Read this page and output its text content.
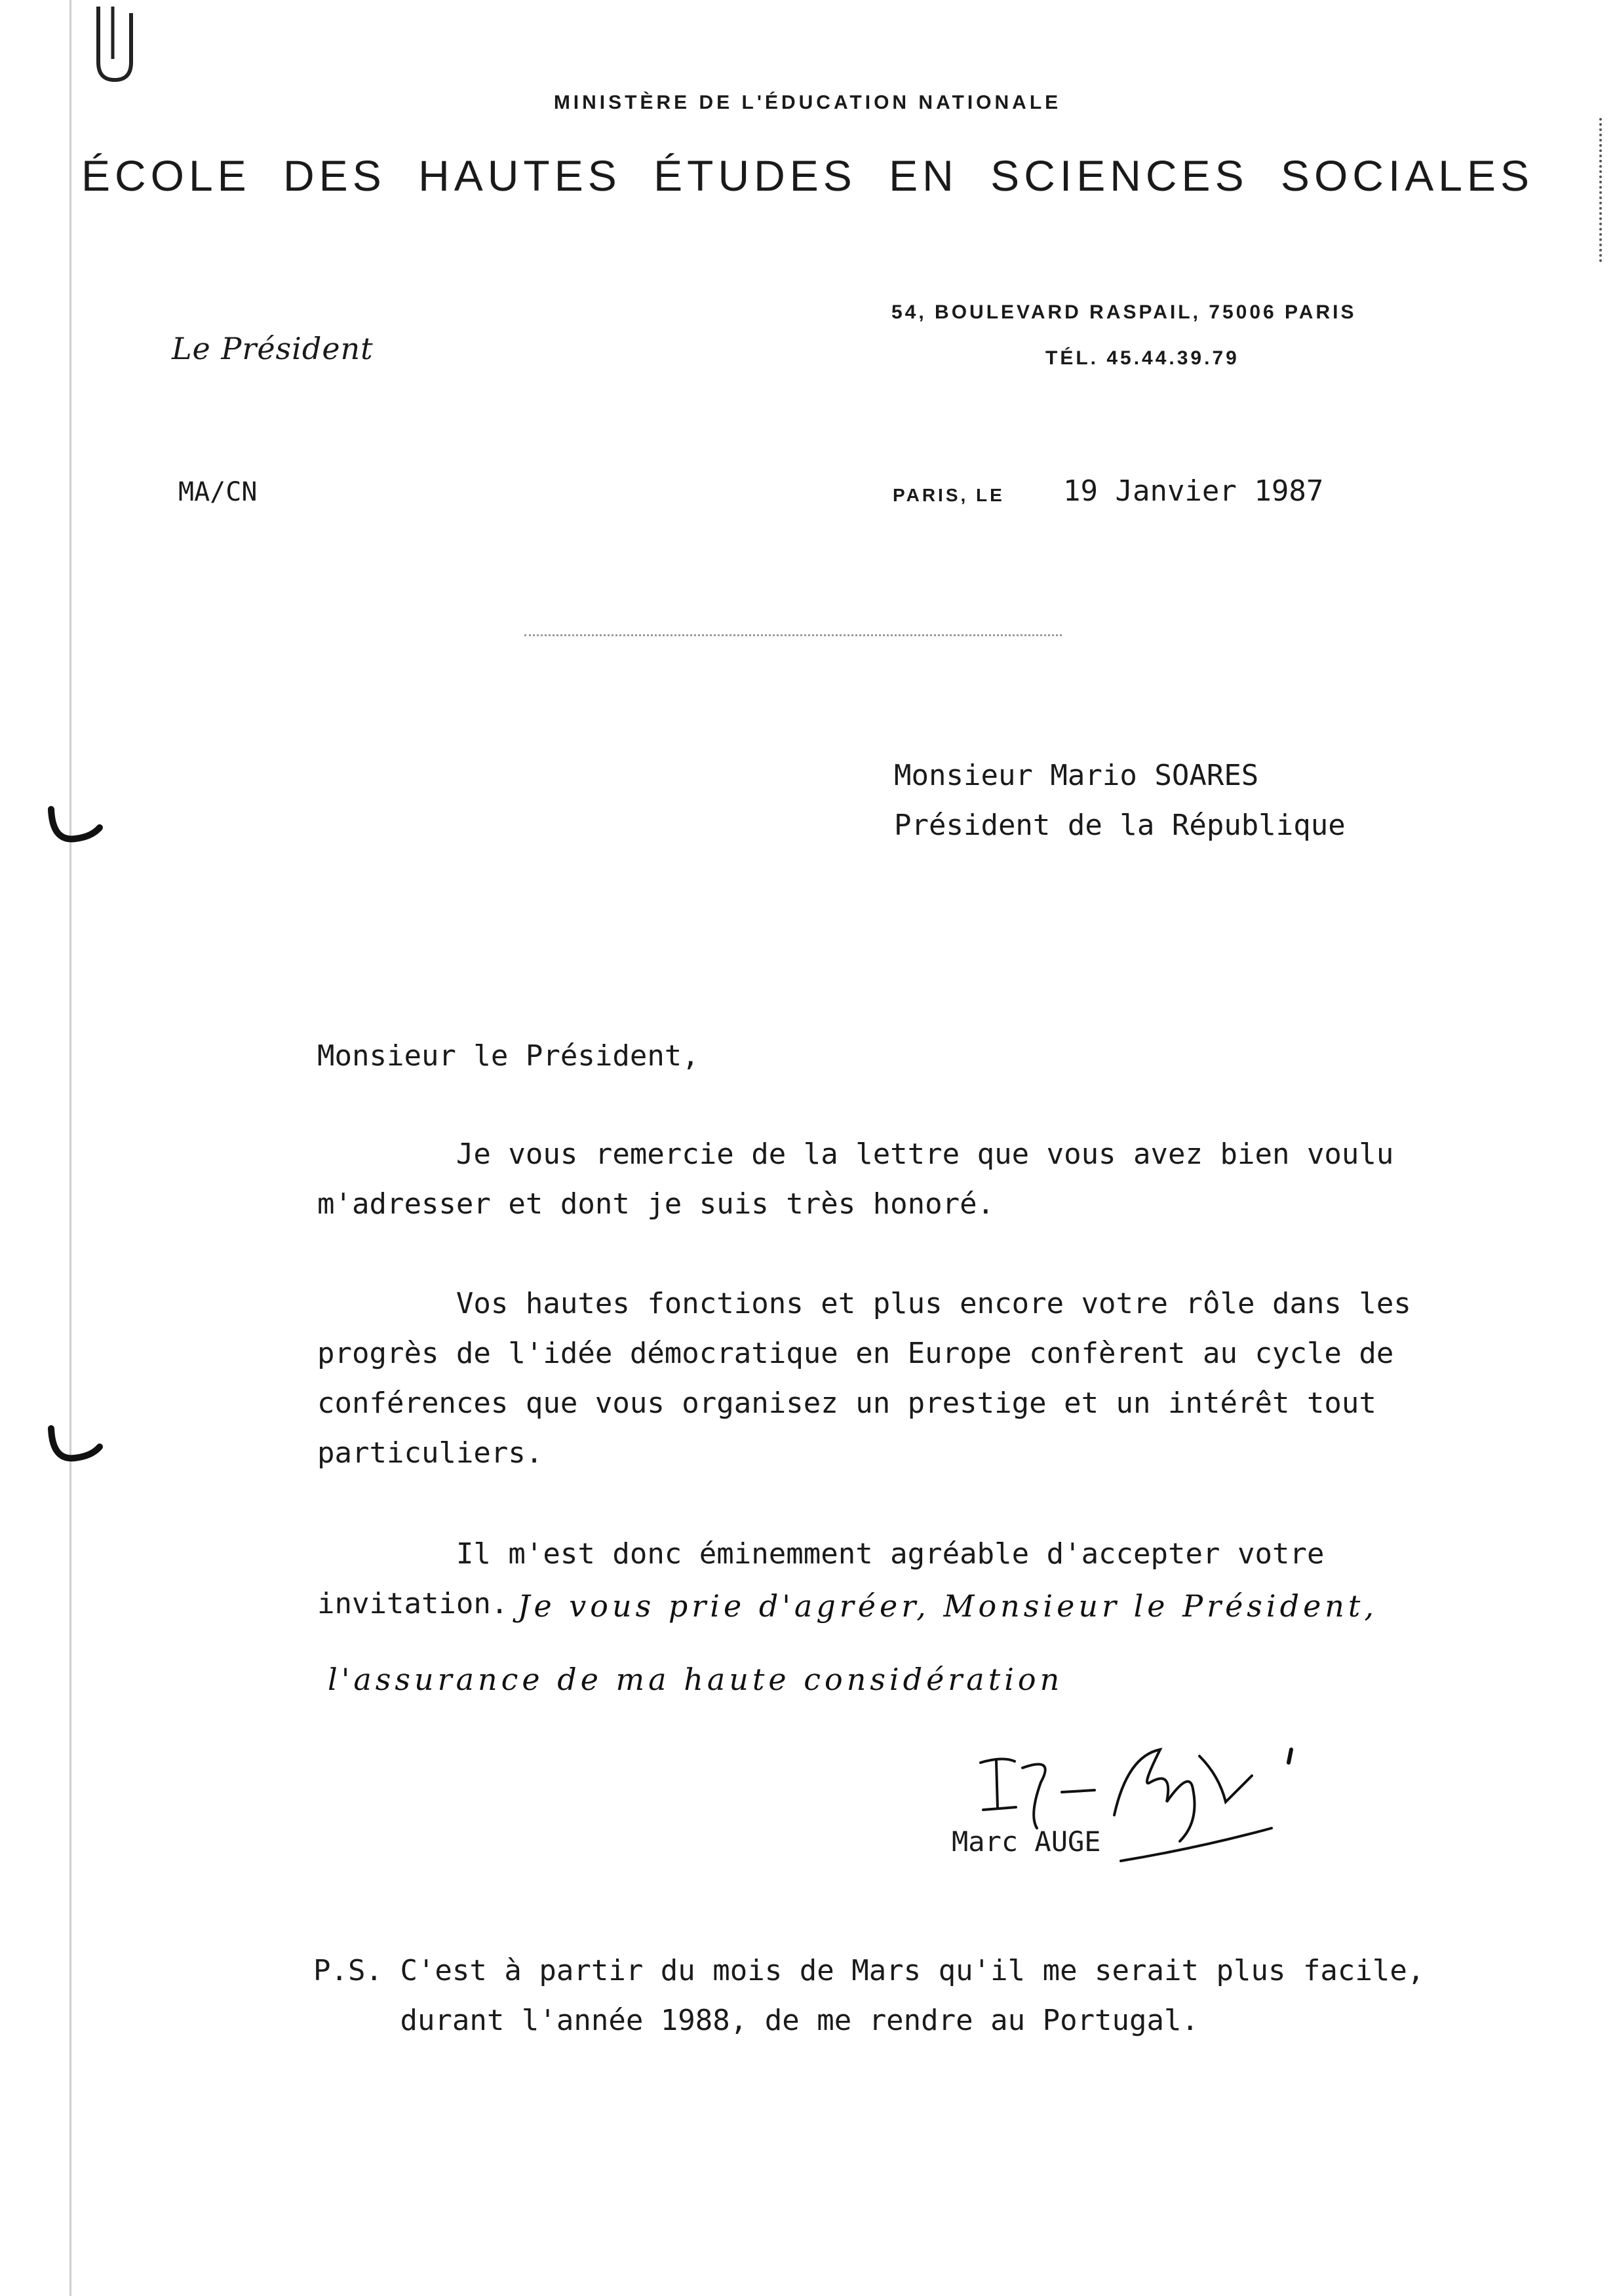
MINISTÈRE DE L'ÉDUCATION NATIONALE
ÉCOLE DES HAUTES ÉTUDES EN SCIENCES SOCIALES
54, BOULEVARD RASPAIL, 75006 PARIS
TÉL. 45.44.39.79
Le Président
MA/CN	PARIS, LE 19 Janvier 1987
Monsieur Mario SOARES
Président de la République
Monsieur le Président,
Je vous remercie de la lettre que vous avez bien voulu
m'adresser et dont je suis très honoré.
Vos hautes fonctions et plus encore votre rôle dans les
progrès de l'idée démocratique en Europe confèrent au cycle de
conférences que vous organisez un prestige et un intérêt tout
particuliers.
Il m'est donc éminemment agréable d'accepter votre
invitation. Je vous prie d'agréer, Monsieur le Président,
l'assurance de ma haute considération
Marc AUGE
P.S. C'est à partir du mois de Mars qu'il me serait plus facile,
durant l'année 1988, de me rendre au Portugal.
